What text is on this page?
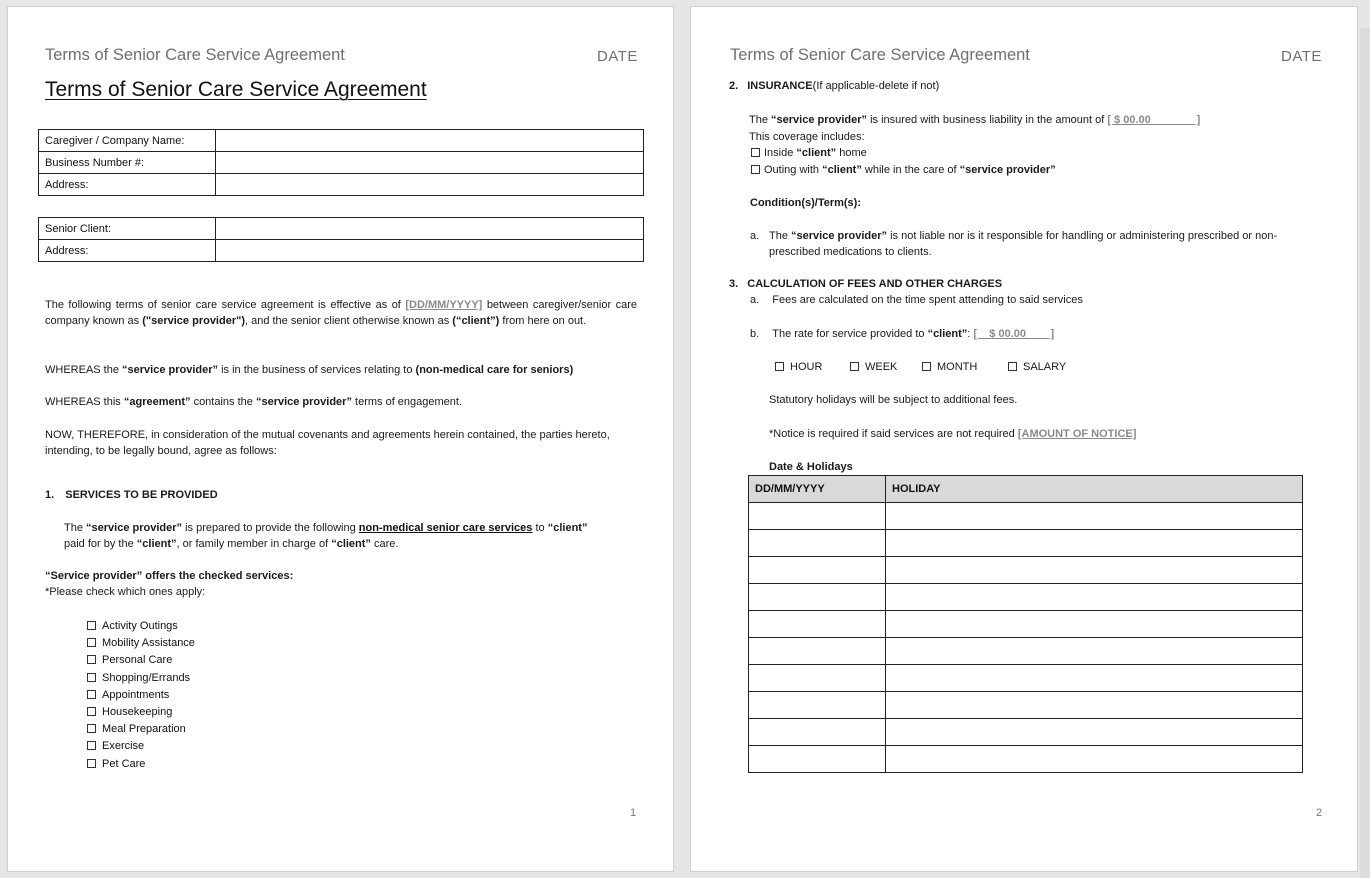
Terms of Senior Care Service Agreement	DATE
Terms of Senior Care Service Agreement
Caregiver / Company Name:	
Business Number #:	
Address:	
Senior Client:	
Address:	
The following terms of senior care service agreement is effective as of [DD/MM/YYYY] between caregiver/senior care company known as ("service provider"), and the senior client otherwise known as (“client”) from here on out.
WHEREAS the “service provider” is in the business of services relating to (non-medical care for seniors)
WHEREAS this “agreement” contains the “service provider” terms of engagement.
NOW, THEREFORE, in consideration of the mutual covenants and agreements herein contained, the parties hereto, intending, to be legally bound, agree as follows:
1. SERVICES TO BE PROVIDED
The “service provider” is prepared to provide the following non-medical senior care services to “client”
paid for by the “client”, or family member in charge of “client” care.
“Service provider” offers the checked services:
*Please check which ones apply:
Activity Outings
Mobility Assistance
Personal Care
Shopping/Errands
Appointments
Housekeeping
Meal Preparation
Exercise
Pet Care
1
Terms of Senior Care Service Agreement	DATE
2. INSURANCE(If applicable-delete if not)
The “service provider” is insured with business liability in the amount of [ $ 00.00               ]
This coverage includes:
Inside “client” home
Outing with “client” while in the care of “service provider”
Condition(s)/Term(s):
a. The “service provider” is not liable nor is it responsible for handling or administering prescribed or non-prescribed medications to clients.
3. CALCULATION OF FEES AND OTHER CHARGES
a. Fees are calculated on the time spent attending to said services
b. The rate for service provided to “client”: [    $ 00.00        ]
HOUR	WEEK	MONTH	SALARY
Statutory holidays will be subject to additional fees.
*Notice is required if said services are not required [AMOUNT OF NOTICE]
Date & Holidays
DD/MM/YYYY	HOLIDAY

2
